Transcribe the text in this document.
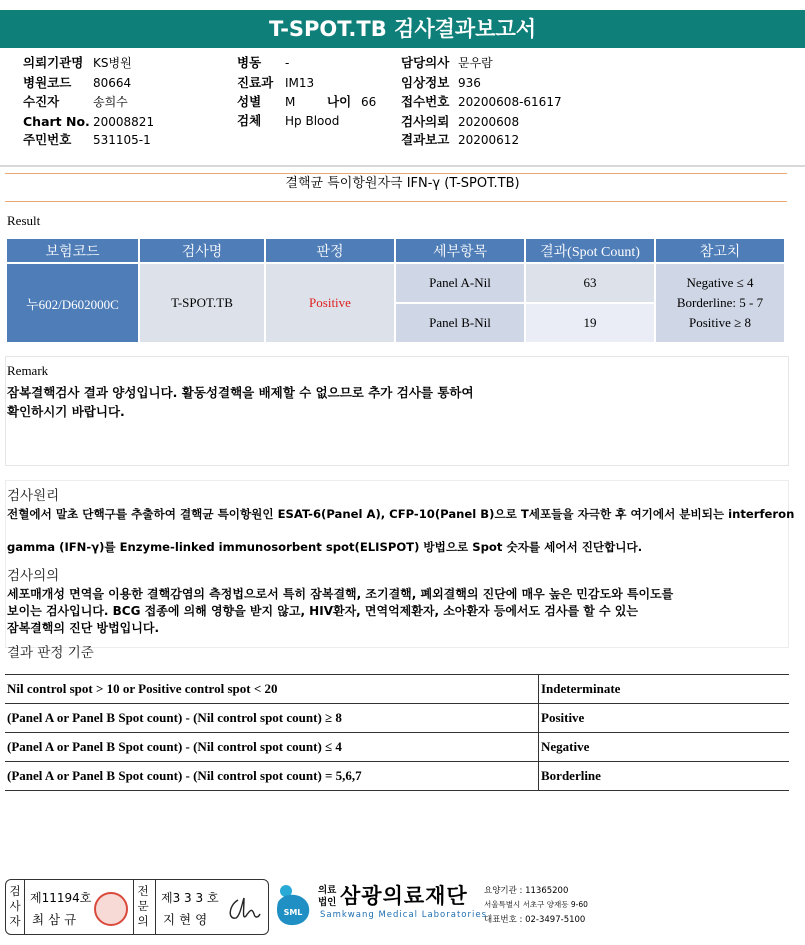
T-SPOT.TB 검사결과보고서
의뢰기관명 KS병원
병원코드 80664
수진자	송희수
Chart No. 20008821
주민번호 531105-1
병동 -
진료과 IM13
성별 M	나이 66
검체 Hp Blood
담당의사 문우람
임상정보 936
접수번호 20200608-61617
검사의뢰 20200608
결과보고 20200612
결핵균 특이항원자극 IFN-γ (T-SPOT.TB)
Result
보험코드	검사명	판정	세부항목	결과(Spot Count)	참고치
누602/D602000C	T-SPOT.TB	Positive	Panel A-Nil	63	Negative ≤ 4
Borderline: 5 - 7
Positive ≥ 8

			Panel B-Nil	19	
Remark
잠복결핵검사 결과 양성입니다. 활동성결핵을 배제할 수 없으므로 추가 검사를 통하여
확인하시기 바랍니다.
검사원리
전혈에서 말초 단핵구를 추출하여 결핵균 특이항원인 ESAT-6(Panel A), CFP-10(Panel B)으로 T세포들을 자극한 후 여기에서 분비되는 interferon
gamma (IFN-γ)를 Enzyme-linked immunosorbent spot(ELISPOT) 방법으로 Spot 숫자를 세어서 진단합니다.
검사의의
세포매개성 면역을 이용한 결핵감염의 측정법으로서 특히 잠복결핵, 조기결핵, 폐외결핵의 진단에 매우 높은 민감도와 특이도를
보이는 검사입니다. BCG 접종에 의해 영향을 받지 않고, HIV환자, 면역억제환자, 소아환자 등에서도 검사를 할 수 있는
잠복결핵의 진단 방법입니다.
결과 판정 기준
Nil control spot > 10 or Positive control spot < 20	Indeterminate
(Panel A or Panel B Spot count) - (Nil control spot count) ≥ 8	Positive
(Panel A or Panel B Spot count) - (Nil control spot count) ≤ 4	Negative
(Panel A or Panel B Spot count) - (Nil control spot count) = 5,6,7	Borderline
검사자
제11194호
최 삼 규
전문의
제3 3 3 호
지 현 영	SML
의료
법인 삼광의료재단
Samkwang Medical Laboratories
요양기관 : 11365200
서울특별시 서초구 양재동 9-60
대표번호 : 02-3497-5100
